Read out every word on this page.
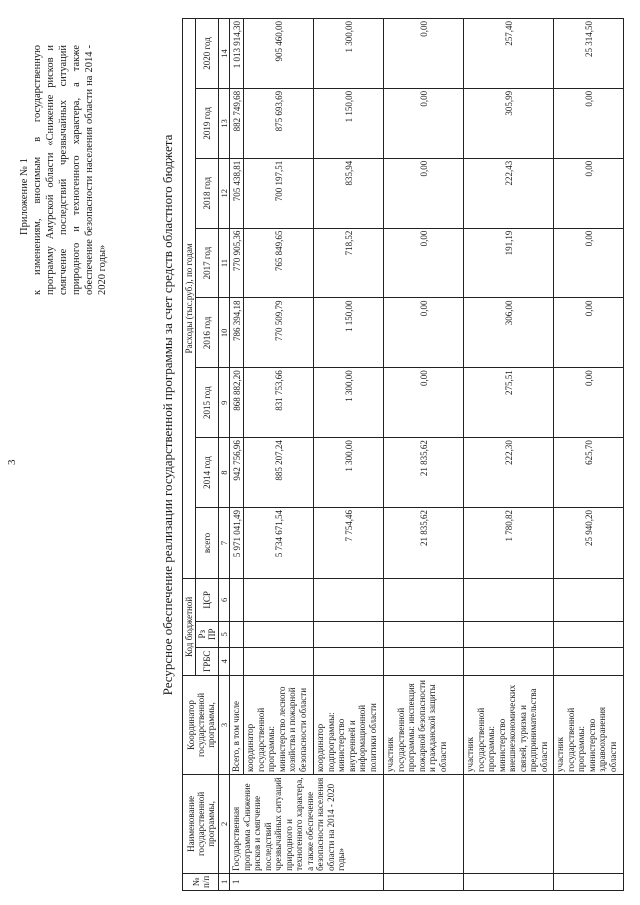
3
Приложение № 1 к изменениям, вносимым в государственную программу Амурской области «Снижение рисков и смягчение последствий чрезвычайных ситуаций природного и техногенного характера, а также обеспечение безопасности населения области на 2014 - 2020 годы»	Ресурсное обеспечение реализации государственной программы за счет средств областного бюджета
№ п/п	Наименование государственной программы,	Координатор государственной программы,	Код бюджетной			Расходы (тыс.руб.), по годам							
			ГРБС	Рз ПР	ЦСР	всего	2014 год	2015 год	2016 год	2017 год	2018 год	2019 год	2020 год
1	2	3	4	5	6	7	8	9	10	11	12	13	14
1	Государственная программа «Снижение рисков и смягчение последствий чрезвычайных ситуаций природного и техногенного характера, а также обеспечение безопасности населения области на 2014 - 2020 годы»	Всего, в том числе				5 971 041,49	942 756,96	868 882,20	786 394,18	770 905,36	705 438,81	882 749,68	1 013 914,30
		координатор государственной программы: министерство лесного хозяйства и пожарной безопасности области				5 734 671,54	885 207,24	831 753,66	770 509,79	765 849,65	700 197,51	875 693,69	905 460,00
		координатор подпрограммы: министерство внутренней и информационной политики области				7 754,46	1 300,00	1 300,00	1 150,00	718,52	835,94	1 150,00	1 300,00
		участник государственной программы: инспекция пожарной безопасности и гражданской защиты области				21 835,62	21 835,62	0,00	0,00	0,00	0,00	0,00	0,00
		участник государственной программы: министерство внешнеэкономических связей, туризма и предпринимательства области				1 780,82	222,30	275,51	306,00	191,19	222,43	305,99	257,40
		участник государственной программы: министерство здравоохранения области				25 940,20	625,70	0,00	0,00	0,00	0,00	0,00	25 314,50
